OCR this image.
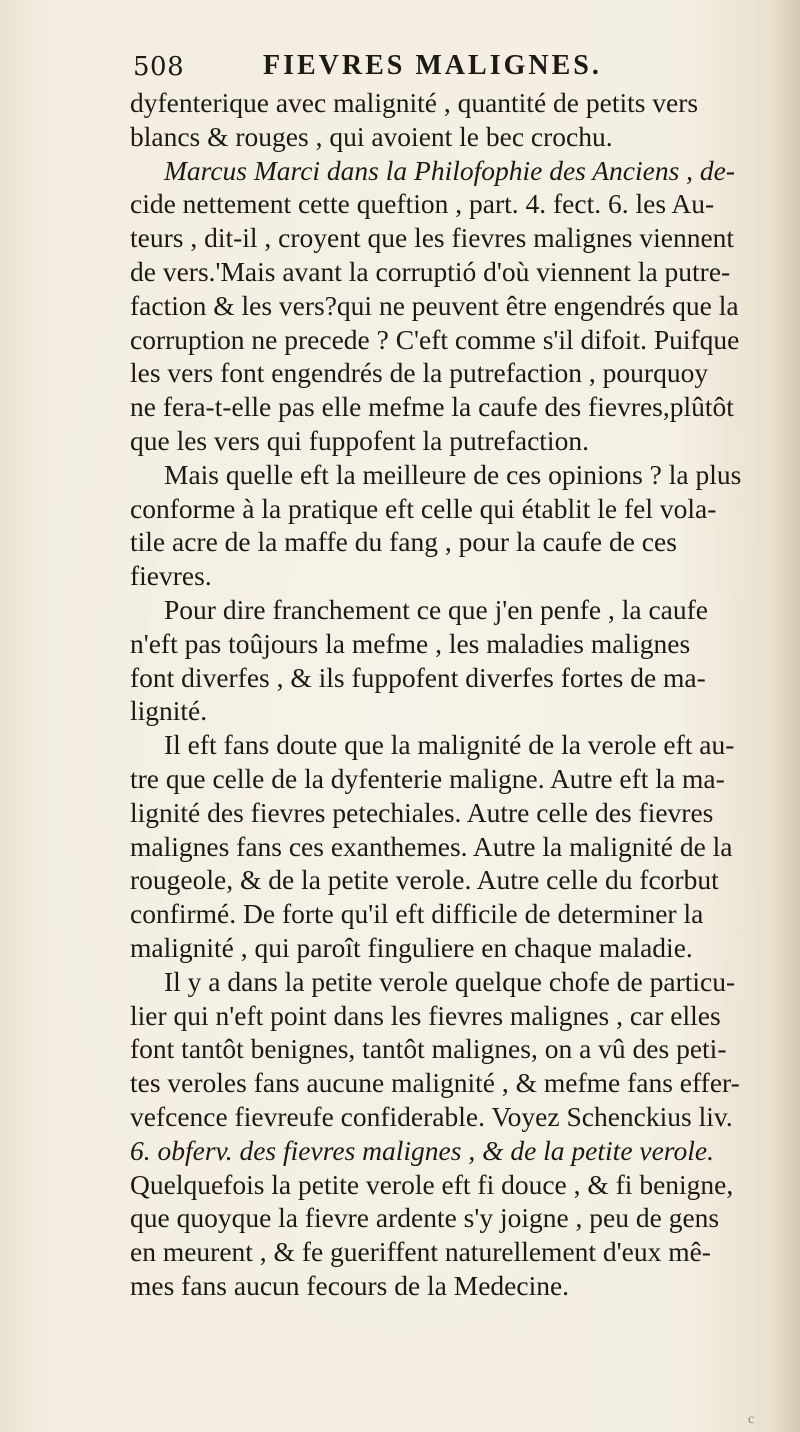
508	FIEVRES MALIGNES.
dyfenterique avec malignité , quantité de petits vers
blancs & rouges , qui avoient le bec crochu.
Marcus Marci dans la Philofophie des Anciens , de-
cide nettement cette queftion , part. 4. fect. 6. les Au-
teurs , dit-il , croyent que les fievres malignes viennent
de vers.'Mais avant la corruptió d'où viennent la putre-
faction & les vers?qui ne peuvent être engendrés que la
corruption ne precede ? C'eft comme s'il difoit. Puifque
les vers font engendrés de la putrefaction , pourquoy
ne fera-t-elle pas elle mefme la caufe des fievres,plûtôt
que les vers qui fuppofent la putrefaction.
Mais quelle eft la meilleure de ces opinions ? la plus
conforme à la pratique eft celle qui établit le fel vola-
tile acre de la maffe du fang , pour la caufe de ces
fievres.
Pour dire franchement ce que j'en penfe , la caufe
n'eft pas toûjours la mefme , les maladies malignes
font diverfes , & ils fuppofent diverfes fortes de ma-
lignité.
Il eft fans doute que la malignité de la verole eft au-
tre que celle de la dyfenterie maligne. Autre eft la ma-
lignité des fievres petechiales. Autre celle des fievres
malignes fans ces exanthemes. Autre la malignité de la
rougeole, & de la petite verole. Autre celle du fcorbut
confirmé. De forte qu'il eft difficile de determiner la
malignité , qui paroît finguliere en chaque maladie.
Il y a dans la petite verole quelque chofe de particu-
lier qui n'eft point dans les fievres malignes , car elles
font tantôt benignes, tantôt malignes, on a vû des peti-
tes veroles fans aucune malignité , & mefme fans effer-
vefcence fievreufe confiderable. Voyez Schenckius liv.
6. obferv. des fievres malignes , & de la petite verole.
Quelquefois la petite verole eft fi douce , & fi benigne,
que quoyque la fievre ardente s'y joigne , peu de gens
en meurent , & fe gueriffent naturellement d'eux mê-
mes fans aucun fecours de la Medecine.
c
